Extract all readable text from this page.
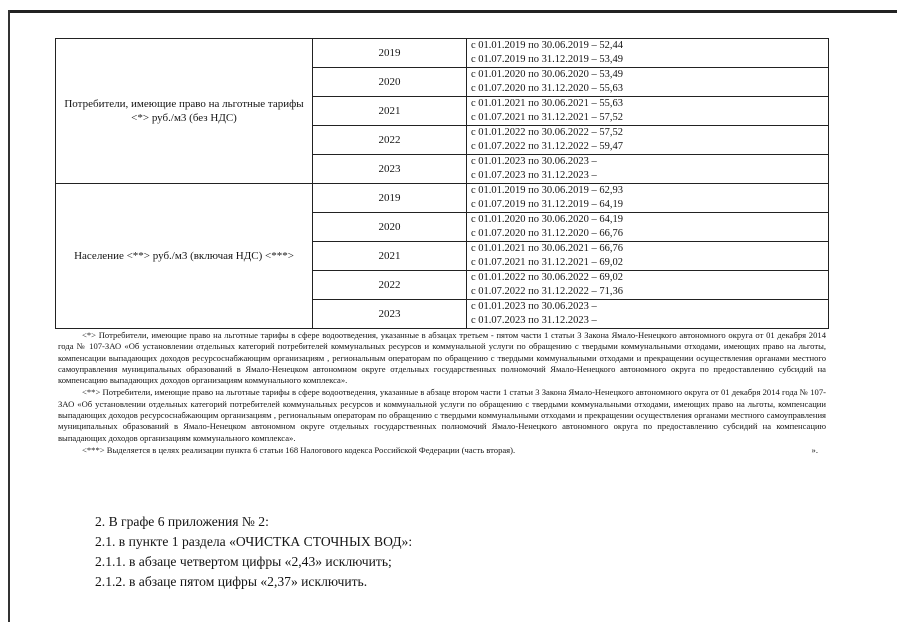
Потребители, имеющие право на льготные тарифы <*> руб./м3 (без НДС)	2019	с 01.01.2019 по 30.06.2019 – 52,44
с 01.07.2019 по 31.12.2019 – 53,49

	2020	с 01.01.2020 по 30.06.2020 – 53,49
с 01.07.2020 по 31.12.2020 – 55,63

	2021	с 01.01.2021 по 30.06.2021 – 55,63
с 01.07.2021 по 31.12.2021 – 57,52

	2022	с 01.01.2022 по 30.06.2022 – 57,52
с 01.07.2022 по 31.12.2022 – 59,47

	2023	с 01.01.2023 по 30.06.2023 –
с 01.07.2023 по 31.12.2023 –

Население <**> руб./м3 (включая НДС) <***>	2019	с 01.01.2019 по 30.06.2019 – 62,93
с 01.07.2019 по 31.12.2019 – 64,19

	2020	с 01.01.2020 по 30.06.2020 – 64,19
с 01.07.2020 по 31.12.2020 – 66,76

	2021	с 01.01.2021 по 30.06.2021 – 66,76
с 01.07.2021 по 31.12.2021 – 69,02

	2022	с 01.01.2022 по 30.06.2022 – 69,02
с 01.07.2022 по 31.12.2022 – 71,36

	2023	с 01.01.2023 по 30.06.2023 –
с 01.07.2023 по 31.12.2023 –

<*> Потребители, имеющие право на льготные тарифы в сфере водоотведения, указанные в абзацах третьем - пятом части 1 статьи 3 Закона Ямало-Ненецкого автономного округа от 01 декабря 2014 года № 107-ЗАО «Об установлении отдельных категорий потребителей коммунальных ресурсов и коммунальной услуги по обращению с твердыми коммунальными отходами, имеющих право на льготы, компенсации выпадающих доходов ресурсоснабжающим организациям , региональным операторам по обращению с твердыми коммунальными отходами и прекращении осуществления органами местного самоуправления муниципальных образований в Ямало-Ненецком автономном округе отдельных государственных полномочий Ямало-Ненецкого автономного округа по предоставлению субсидий на компенсацию выпадающих доходов организациям коммунального комплекса».

<**> Потребители, имеющие право на льготные тарифы в сфере водоотведения, указанные в абзаце втором части 1 статьи 3 Закона Ямало-Ненецкого автономного округа от 01 декабря 2014 года № 107-ЗАО «Об установлении отдельных категорий потребителей коммунальных ресурсов и коммунальной услуги по обращению с твердыми коммунальными отходами, имеющих право на льготы, компенсации выпадающих доходов ресурсоснабжающим организациям , региональным операторам по обращению с твердыми коммунальными отходами и прекращении осуществления органами местного самоуправления муниципальных образований в Ямало-Ненецком автономном округе отдельных государственных полномочий Ямало-Ненецкого автономного округа по предоставлению субсидий на компенсацию выпадающих доходов организациям коммунального комплекса».

<***> Выделяется в целях реализации пункта 6 статьи 168 Налогового кодекса Российской Федерации (часть вторая).	».

2. В графе 6 приложения № 2:
2.1. в пункте 1 раздела «ОЧИСТКА СТОЧНЫХ ВОД»:
2.1.1. в абзаце четвертом цифры «2,43» исключить;
2.1.2. в абзаце пятом цифры «2,37» исключить.
